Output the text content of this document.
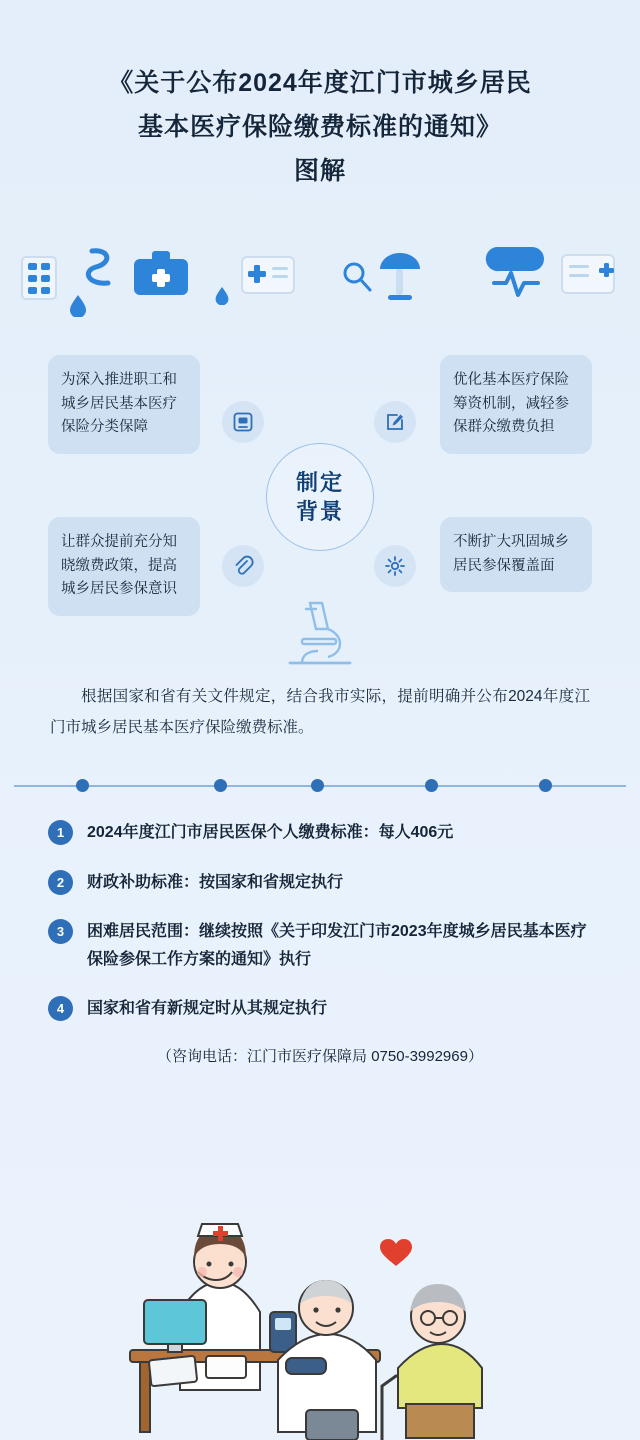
《关于公布2024年度江门市城乡居民
基本医疗保险缴费标准的通知》
图解
制定
背景
为深入推进职工和城乡居民基本医疗保险分类保障
优化基本医疗保险筹资机制，减轻参保群众缴费负担
让群众提前充分知晓缴费政策，提高城乡居民参保意识
不断扩大巩固城乡居民参保覆盖面

根据国家和省有关文件规定，结合我市实际，提前明确并公布2024年度江门市城乡居民基本医疗保险缴费标准。

1	2024年度江门市居民医保个人缴费标准：每人406元
2	财政补助标准：按国家和省规定执行
3	困难居民范围：继续按照《关于印发江门市2023年度城乡居民基本医疗保险参保工作方案的通知》执行
4	国家和省有新规定时从其规定执行
（咨询电话：江门市医疗保障局 0750-3992969）
